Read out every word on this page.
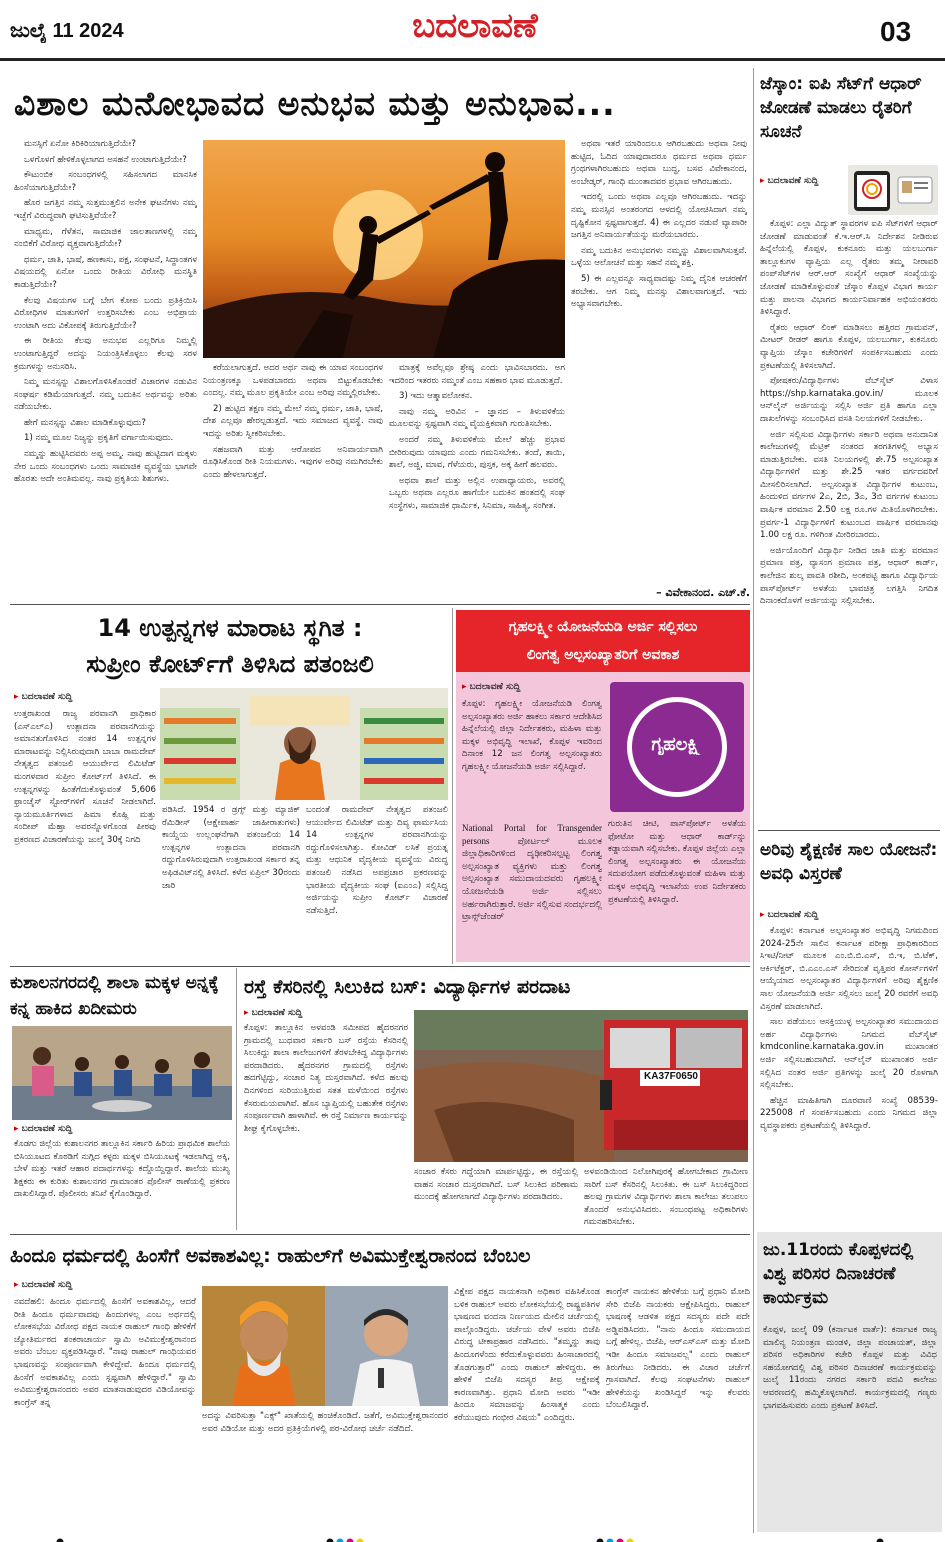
ಜುಲೈ 11 2024	ಬದಲಾವಣೆ	03
ವಿಶಾಲ ಮನೋಭಾವದ ಅನುಭವ ಮತ್ತು ಅನುಭಾವ...

ಮನಸ್ಸಿಗೆ ಏನೋ ಕಿರಿಕಿರಿಯಾಗುತ್ತಿದೆಯೇ?

ಒಳಗೊಳಗೆ ಹೇಳಿಕೊಳ್ಳಲಾಗದ ಅಸಹನೆ ಉಂಟಾಗುತ್ತಿದೆಯೇ?

ಕೌಟುಂಬಿಕ ಸಂಬಂಧಗಳಲ್ಲಿ ಸಹಿಸಲಾಗದ ಮಾನಸಿಕ ಹಿಂಸೆಯಾಗುತ್ತಿದೆಯೇ?

ಹೊರ ಜಗತ್ತಿನ ನಮ್ಮ ಸುತ್ತಮುತ್ತಲಿನ ಅನೇಕ ಘಟನೆಗಳು ನಮ್ಮ ಇಚ್ಛೆಗೆ ವಿರುದ್ಧವಾಗಿ ಘಟಿಸುತ್ತಿವೆಯೇ?

ಮಾಧ್ಯಮ, ಗೆಳೆತನ, ಸಾಮಾಜಿಕ ಜಾಲತಾಣಗಳಲ್ಲಿ ನಮ್ಮ ನಂಬಿಕೆಗೆ ವಿರೋಧ ವ್ಯಕ್ತವಾಗುತ್ತಿದೆಯೇ?

ಧರ್ಮ, ಜಾತಿ, ಭಾಷೆ, ಹಣಕಾಸು, ಪಕ್ಷ, ಸಂಘಟನೆ, ಸಿದ್ಧಾಂತಗಳ ವಿಷಯದಲ್ಲಿ ಏನೋ ಒಂದು ರೀತಿಯ ವಿರೋಧಿ ಮನಸ್ಥಿತಿ ಕಾಡುತ್ತಿದೆಯೇ?

ಕೆಲವು ವಿಷಯಗಳ ಬಗ್ಗೆ ಬೇಗ ಕೋಪ ಬಂದು ಪ್ರತಿಕ್ರಿಯಿಸಿ ವಿರೋಧಿಗಳ ಮಾತುಗಳಿಗೆ ಉತ್ತರಿಸಬೇಕು ಎಂಬ ಅಭಿಪ್ರಾಯ ಉಂಟಾಗಿ ಅದು ವಿಕೋಪಕ್ಕೆ ತಿರುಗುತ್ತಿದೆಯೇ?

ಈ ರೀತಿಯ ಕೆಲವು ಅನುಭವ ಎಲ್ಲರಿಗೂ ನಿಮ್ಮಲ್ಲಿ ಉಂಟಾಗುತ್ತಿದ್ದರೆ ಅದನ್ನು ನಿಯಂತ್ರಿಸಿಕೊಳ್ಳಲು ಕೆಲವು ಸರಳ ಕ್ರಮಗಳನ್ನು ಅನುಸರಿಸಿ.

ನಿಮ್ಮ ಮನಸ್ಸನ್ನು ವಿಶಾಲಗೊಳಿಸಿಕೊಂಡರೆ ವಿಚಾರಗಳ ನಡುವಿನ ಸಂಘರ್ಷ ಕಡಿಮೆಯಾಗುತ್ತದೆ. ನಮ್ಮ ಬದುಕಿನ ಅರ್ಥವನ್ನು ಅರಿತು ನಡೆಯಬೇಕು.

ಹೇಗೆ ಮನಸ್ಸನ್ನು ವಿಶಾಲ ಮಾಡಿಕೊಳ್ಳುವುದು?

1) ನಮ್ಮ ಮೂಲ ನಿಜ್ಯನ್ನು ಪ್ರಕೃತಿಗೆ ವರ್ಗಾಯಿಸುವುದು.

ನಮ್ಮನ್ನು ಹುಟ್ಟಿಸಿದವರು ಅಪ್ಪ ಅಮ್ಮ. ನಾವು ಹುಟ್ಟಿದಾಗ ಮಕ್ಕಳು ನೇರ ಒಂದು ಸಂಬಂಧಗಳು ಒಂದು ಸಾಮಾಜಿಕ ವ್ಯವಸ್ಥೆಯ ಭಾಗವೇ ಹೊರತು ಅದೇ ಅಂತಿಮವಲ್ಲ. ನಾವು ಪ್ರಕೃತಿಯ ಶಿಶುಗಳು.

ಕರೆಯಲಾಗುತ್ತದೆ. ಅದರ ಅರ್ಥ ನಾವು ಈ ಯಾವ ಸಂಬಂಧಗಳ ನಿಯಂತ್ರಣಕ್ಕೂ ಒಳಪಡಬಾರದು ಅಥವಾ ಬಿಟ್ಟುಕೊಡಬೇಕು ಎಂದಲ್ಲ. ನಮ್ಮ ಮೂಲ ಪ್ರಕೃತಿಯೇ ಎಂಬ ಅರಿವು ನಮ್ಮಲ್ಲಿರಬೇಕು.

2) ಹುಟ್ಟಿದ ತಕ್ಷಣ ನಮ್ಮ ಮೇಲೆ ನಮ್ಮ ಧರ್ಮ, ಜಾತಿ, ಭಾಷೆ, ದೇಶ ಎಲ್ಲವೂ ಹೇರಲ್ಪಡುತ್ತದೆ. ಇದು ಸಮಾಜದ ವ್ಯವಸ್ಥೆ. ನಾವು ಇದನ್ನು ಅರಿತು ಸ್ವೀಕರಿಸಬೇಕು.

ಸಹಜವಾಗಿ ಮತ್ತು ಆರೋಪದ ಅನಿವಾರ್ಯವಾಗಿ ರೂಢಿಸಿಕೊಂಡ ರೀತಿ ನಿಯಮಗಳು. ಇವುಗಳ ಅರಿವು ನಮಗಿರಬೇಕು ಎಂದು ಹೇಳಲಾಗುತ್ತದೆ.

ಮಾತ್ರಕ್ಕೆ ಅವೆಲ್ಲವೂ ಶ್ರೇಷ್ಠ ಎಂದು ಭಾವಿಸಬಾರದು. ಅಗ ಇದರಿಂದ ಇತರರು ನಮ್ಮಂತೆ ಎಂಬ ಸಹಕಾರ ಭಾವ ಮೂಡುತ್ತದೆ.

3) ಇದು ಆತ್ಮಾವಲೋಕನ.

ನಾವು ನಮ್ಮ ಅರಿವಿನ – ಜ್ಞಾನದ – ತಿಳುವಳಿಕೆಯ ಮೂಲವನ್ನು ಸ್ಪಷ್ಟವಾಗಿ ನಮ್ಮ ವೈಯಕ್ತಿಕವಾಗಿ ಗುರುತಿಸಬೇಕು.

ಅಂದರೆ ನಮ್ಮ ತಿಳುವಳಿಕೆಯ ಮೇಲೆ ಹೆಚ್ಚು ಪ್ರಭಾವ ಬೀರಿರುವುದು ಯಾವುದು ಎಂದು ಗಮನಿಸಬೇಕು. ತಂದೆ, ತಾಯಿ, ಶಾಲೆ, ಅಜ್ಜಿ, ಮಾವ, ಗೆಳೆಯರು, ಪುಸ್ತಕ, ಅಕ್ಕ ಹೀಗೆ ಹಲವರು.

ಅಥವಾ ಶಾಲೆ ಮತ್ತು ಅಲ್ಲಿನ ಉಪಾಧ್ಯಾಯರು, ಅವರಲ್ಲಿ ಒಬ್ಬರು ಅಥವಾ ಎಲ್ಲರೂ ಹಾಗೆಯೇ ಬದುಕಿನ ಹಂತದಲ್ಲಿ ಸಂಘ ಸಂಸ್ಥೆಗಳು, ಸಾಮಾಜಿಕ ಧಾರ್ಮಿಕ, ಸಿನಿಮಾ, ಸಾಹಿತ್ಯ, ಸಂಗೀತ.

ಅಥವಾ ಇತರೆ ಯಾರಿಂದಲೂ ಆಗಿರಬಹುದು ಅಥವಾ ನೀವು ಹುಟ್ಟಿದ, ಓದಿದ ಯಾವುದಾದರೂ ಧರ್ಮದ ಅಥವಾ ಧರ್ಮ ಗ್ರಂಥಗಳಾಗಿರಬಹುದು ಅಥವಾ ಬುದ್ಧ, ಬಸವ ವಿವೇಕಾನಂದ, ಅಂಬೇಡ್ಕರ್, ಗಾಂಧಿ ಮುಂತಾದವರ ಪ್ರಭಾವ ಆಗಿರಬಹುದು.

ಇದರಲ್ಲಿ ಒಂದು ಅಥವಾ ಎಲ್ಲವೂ ಆಗಿರಬಹುದು. ಇದನ್ನು ನಮ್ಮ ಮನಸ್ಸಿನ ಅಂತರಂಗದ ಆಳದಲ್ಲಿ ಯೋಚಿಸಿದಾಗ ನಮ್ಮ ದೃಷ್ಟಿಕೋನ ಸ್ಪಷ್ಟವಾಗುತ್ತದೆ. 4) ಈ ಎಲ್ಲದರ ನಡುವೆ ವ್ಯಾಪಾರೀ ಜಗತ್ತಿನ ಅನಿವಾರ್ಯತೆಯನ್ನು ಮರೆಯಬಾರದು.

ನಮ್ಮ ಬದುಕಿನ ಅನುಭವಗಳು ನಮ್ಮನ್ನು ವಿಶಾಲವಾಗಿಸುತ್ತವೆ. ಒಳ್ಳೆಯ ಆಲೋಚನೆ ಮತ್ತು ಸಹನೆ ನಮ್ಮ ಶಕ್ತಿ.

5) ಈ ಎಲ್ಲವನ್ನೂ ಸಾಧ್ಯವಾದಷ್ಟು ನಿಮ್ಮ ದೈನಿಕ ಆಚರಣೆಗೆ ತರಬೇಕು. ಆಗ ನಿಮ್ಮ ಮನಸ್ಸು ವಿಶಾಲವಾಗುತ್ತದೆ. ಇದು ಅಭ್ಯಾಸವಾಗಬೇಕು.

– ವಿವೇಕಾನಂದ. ಎಚ್.ಕೆ.
ಜೆಸ್ಕಾಂ: ಐಪಿ ಸೆಟ್‌ಗೆ ಆಧಾರ್ ಜೋಡಣೆ ಮಾಡಲು ರೈತರಿಗೆ ಸೂಚನೆ
▸ ಬದಲಾವಣೆ ಸುದ್ದಿ

ಕೊಪ್ಪಳ: ಎಲ್ಲಾ ವಿದ್ಯುತ್ ಸ್ಥಾವರಗಳ ಐಪಿ ಸೆಟ್‌ಗಳಿಗೆ ಆಧಾರ್ ಜೋಡಣೆ ಮಾಡುವಂತೆ ಕೆ.ಇ.ಆರ್.ಸಿ ನಿರ್ದೇಶನ ನೀಡಿರುವ ಹಿನ್ನೆಲೆಯಲ್ಲಿ ಕೊಪ್ಪಳ, ಕುಕನೂರು ಮತ್ತು ಯಲಬುರ್ಗಾ ತಾಲ್ಲೂಕುಗಳ ವ್ಯಾಪ್ತಿಯ ಎಲ್ಲ ರೈತರು ತಮ್ಮ ನೀರಾವರಿ ಪಂಪ್‌ಸೆಟ್‌ಗಳ ಆರ್.ಆರ್ ಸಂಖ್ಯೆಗೆ ಆಧಾರ್ ಸಂಖ್ಯೆಯನ್ನು ಜೋಡಣೆ ಮಾಡಿಕೊಳ್ಳುವಂತೆ ಜೆಸ್ಕಾಂ ಕೊಪ್ಪಳ ವಿಭಾಗ ಕಾರ್ಯ ಮತ್ತು ಪಾಲನಾ ವಿಭಾಗದ ಕಾರ್ಯನಿರ್ವಾಹಕ ಅಭಿಯಂತರರು ತಿಳಿಸಿದ್ದಾರೆ.

ರೈತರು ಆಧಾರ್ ಲಿಂಕ್ ಮಾಡಿಸಲು ಹತ್ತಿರದ ಗ್ರಾಮವನ್, ಮೀಟರ್ ರೀಡರ್ ಹಾಗೂ ಕೊಪ್ಪಳ, ಯಲಬುರ್ಗಾ, ಕುಕನೂರು ವ್ಯಾಪ್ತಿಯ ಜೆಸ್ಕಾಂ ಕಚೇರಿಗಳಿಗೆ ಸಂಪರ್ಕಿಸಬಹುದು ಎಂದು ಪ್ರಕಟಣೆಯಲ್ಲಿ ತಿಳಿಸಲಾಗಿದೆ.

ಪೋಷಕರು/ವಿದ್ಯಾರ್ಥಿಗಳು ವೆಬ್‌ಸೈಟ್ ವಿಳಾಸ https://shp.karnataka.gov.in/ ಮೂಲಕ ಆನ್‌ಲೈನ್ ಅರ್ಜಿಯನ್ನು ಸಲ್ಲಿಸಿ ಅರ್ಜಿ ಪ್ರತಿ ಹಾಗೂ ಎಲ್ಲಾ ದಾಖಲೆಗಳನ್ನು ಸಂಬಂಧಿಸಿದ ವಸತಿ ನಿಲಯಗಳಿಗೆ ನೀಡಬೇಕು.

ಅರ್ಜಿ ಸಲ್ಲಿಸುವ ವಿದ್ಯಾರ್ಥಿಗಳು ಸರ್ಕಾರಿ ಅಥವಾ ಅನುದಾನಿತ ಕಾಲೇಜುಗಳಲ್ಲಿ ಮೆಟ್ರಿಕ್ ನಂತರದ ತರಗತಿಗಳಲ್ಲಿ ಅಭ್ಯಾಸ ಮಾಡುತ್ತಿರಬೇಕು. ವಸತಿ ನಿಲಯಗಳಲ್ಲಿ ಶೇ.75 ಅಲ್ಪಸಂಖ್ಯಾತ ವಿದ್ಯಾರ್ಥಿಗಳಿಗೆ ಮತ್ತು ಶೇ.25 ಇತರ ವರ್ಗದವರಿಗೆ ಮೀಸಲಿರಿಸಲಾಗಿದೆ. ಅಲ್ಪಸಂಖ್ಯಾತ ವಿದ್ಯಾರ್ಥಿಗಳ ಕುಟುಂಬ, ಹಿಂದುಳಿದ ವರ್ಗಗಳ 2ಎ, 2ಬಿ, 3ಎ, 3ಬಿ ವರ್ಗಗಳ ಕುಟುಂಬ ವಾರ್ಷಿಕ ವರಮಾನ 2.50 ಲಕ್ಷ ರೂ.ಗಳ ಮಿತಿಯೊಳಗಿರಬೇಕು. ಪ್ರವರ್ಗ-1 ವಿದ್ಯಾರ್ಥಿಗಳಿಗೆ ಕುಟುಂಬದ ವಾರ್ಷಿಕ ವರಮಾನವು 1.00 ಲಕ್ಷ ರೂ. ಗಳಿಗಿಂತ ಮೀರಿರಬಾರದು.

ಅರ್ಜಿಯೊಂದಿಗೆ ವಿದ್ಯಾರ್ಥಿ ನೀಡಿದ ಜಾತಿ ಮತ್ತು ವರಮಾನ ಪ್ರಮಾಣ ಪತ್ರ, ವ್ಯಾಸಂಗ ಪ್ರಮಾಣ ಪತ್ರ, ಆಧಾರ್ ಕಾರ್ಡ್, ಕಾಲೇಜಿನ ಶುಲ್ಕ ಪಾವತಿ ರಶೀದಿ, ಅಂಕಪಟ್ಟಿ ಹಾಗೂ ವಿದ್ಯಾರ್ಥಿಯ ಪಾಸ್‌ಪೋರ್ಟ್ ಅಳತೆಯ ಭಾವಚಿತ್ರ ಲಗತ್ತಿಸಿ ನಿಗದಿತ ದಿನಾಂಕದೊಳಗೆ ಅರ್ಜಿಯನ್ನು ಸಲ್ಲಿಸಬೇಕು.

ಅರಿವು ಶೈಕ್ಷಣಿಕ ಸಾಲ ಯೋಜನೆ: ಅವಧಿ ವಿಸ್ತರಣೆ
▸ ಬದಲಾವಣೆ ಸುದ್ದಿ

ಕೊಪ್ಪಳ: ಕರ್ನಾಟಕ ಅಲ್ಪಸಂಖ್ಯಾತರ ಅಭಿವೃದ್ಧಿ ನಿಗಮದಿಂದ 2024-25ನೇ ಸಾಲಿನ ಕರ್ನಾಟಕ ಪರೀಕ್ಷಾ ಪ್ರಾಧಿಕಾರದಿಂದ ಸಿಇಟಿ/ನೀಟ್ ಮೂಲಕ ಎಂ.ಬಿ.ಬಿ.ಎಸ್, ಬಿ.ಇ, ಬಿ.ಟೆಕ್, ಆರ್ಕಿಟೆಕ್ಚರ್, ಬಿ.ಎಎಂ.ಎಸ್ ಸೇರಿದಂತೆ ವೃತ್ತಿಪರ ಕೋರ್ಸ್‌ಗಳಿಗೆ ಆಯ್ಕೆಯಾದ ಅಲ್ಪಸಂಖ್ಯಾತರ ವಿದ್ಯಾರ್ಥಿಗಳಿಗೆ ಅರಿವು ಶೈಕ್ಷಣಿಕ ಸಾಲ ಯೋಜನೆಯಡಿ ಅರ್ಜಿ ಸಲ್ಲಿಸಲು ಜುಲೈ 20 ರವರೆಗೆ ಅವಧಿ ವಿಸ್ತರಣೆ ಮಾಡಲಾಗಿದೆ.

ಸಾಲ ಪಡೆಯಲು ಆಸಕ್ತಿಯುಳ್ಳ ಅಲ್ಪಸಂಖ್ಯಾತರ ಸಮುದಾಯದ ಅರ್ಹ ವಿದ್ಯಾರ್ಥಿಗಳು ನಿಗಮದ ವೆಬ್‌ಸೈಟ್ kmdconline.karnataka.gov.in ಮುಖಾಂತರ ಅರ್ಜಿ ಸಲ್ಲಿಸಬಹುದಾಗಿದೆ. ಆನ್‌ಲೈನ್ ಮುಖಾಂತರ ಅರ್ಜಿ ಸಲ್ಲಿಸಿದ ನಂತರ ಅರ್ಜಿ ಪ್ರತಿಗಳನ್ನು ಜುಲೈ 20 ರೊಳಗಾಗಿ ಸಲ್ಲಿಸಬೇಕು.

ಹೆಚ್ಚಿನ ಮಾಹಿತಿಗಾಗಿ ದೂರವಾಣಿ ಸಂಖ್ಯೆ 08539-225008 ಗೆ ಸಂಪರ್ಕಿಸಬಹುದು ಎಂದು ನಿಗಮದ ಜಿಲ್ಲಾ ವ್ಯವಸ್ಥಾಪಕರು ಪ್ರಕಟಣೆಯಲ್ಲಿ ತಿಳಿಸಿದ್ದಾರೆ.

ಜು.11ರಂದು ಕೊಪ್ಪಳದಲ್ಲಿ ವಿಶ್ವ ಪರಿಸರ ದಿನಾಚರಣೆ ಕಾರ್ಯಕ್ರಮ
ಕೊಪ್ಪಳ, ಜುಲೈ 09 (ಕರ್ನಾಟಕ ವಾರ್ತೆ): ಕರ್ನಾಟಕ ರಾಜ್ಯ ಮಾಲಿನ್ಯ ನಿಯಂತ್ರಣ ಮಂಡಳಿ, ಜಿಲ್ಲಾ ಪಂಚಾಯತ್, ಜಿಲ್ಲಾ ಪರಿಸರ ಅಧಿಕಾರಿಗಳ ಕಚೇರಿ ಕೊಪ್ಪಳ ಮತ್ತು ವಿವಿಧ ಸಹಯೋಗದಲ್ಲಿ ವಿಶ್ವ ಪರಿಸರ ದಿನಾಚರಣೆ ಕಾರ್ಯಕ್ರಮವನ್ನು ಜುಲೈ 11ರಂದು ನಗರದ ಸರ್ಕಾರಿ ಪದವಿ ಕಾಲೇಜು ಆವರಣದಲ್ಲಿ ಹಮ್ಮಿಕೊಳ್ಳಲಾಗಿದೆ. ಕಾರ್ಯಕ್ರಮದಲ್ಲಿ ಗಣ್ಯರು ಭಾಗವಹಿಸುವರು ಎಂದು ಪ್ರಕಟಣೆ ತಿಳಿಸಿದೆ.
14 ಉತ್ಪನ್ನಗಳ ಮಾರಾಟ ಸ್ಥಗಿತ :
ಸುಪ್ರೀಂ ಕೋರ್ಟ್‌ಗೆ ತಿಳಿಸಿದ ಪತಂಜಲಿ
▸ ಬದಲಾವಣೆ ಸುದ್ದಿ
ಉತ್ತರಾಖಂಡ ರಾಜ್ಯ ಪರವಾನಗಿ ಪ್ರಾಧಿಕಾರ (ಎಸ್‌ಎಲ್‌ಎ) ಉತ್ಪಾದನಾ ಪರವಾನಗಿಯನ್ನು ಅಮಾನತುಗೊಳಿಸಿದ ನಂತರ 14 ಉತ್ಪನ್ನಗಳ ಮಾರಾಟವನ್ನು ನಿಲ್ಲಿಸಿರುವುದಾಗಿ ಬಾಬಾ ರಾಮದೇವ್ ನೇತೃತ್ವದ ಪತಂಜಲಿ ಆಯುರ್ವೇದ ಲಿಮಿಟೆಡ್ ಮಂಗಳವಾರ ಸುಪ್ರೀಂ ಕೋರ್ಟ್‌ಗೆ ತಿಳಿಸಿದೆ. ಈ ಉತ್ಪನ್ನಗಳನ್ನು ಹಿಂತೆಗೆದುಕೊಳ್ಳುವಂತೆ 5,606 ಫ್ರಾಂಚೈಸ್ ಸ್ಟೋರ್‌ಗಳಿಗೆ ಸೂಚನೆ ನೀಡಲಾಗಿದೆ. ನ್ಯಾಯಮೂರ್ತಿಗಳಾದ ಹಿಮಾ ಕೊಹ್ಲಿ ಮತ್ತು ಸಂದೀಪ್ ಮೆಹ್ತಾ ಅವರನ್ನೊಳಗೊಂಡ ಪೀಠವು ಪ್ರಕರಣದ ವಿಚಾರಣೆಯನ್ನು ಜುಲೈ 30ಕ್ಕೆ ನಿಗದಿ
ಪಡಿಸಿದೆ. 1954 ರ ಡ್ರಗ್ಸ್ ಮತ್ತು ಮ್ಯಾಜಿಕ್ ರೆಮಿಡೀಸ್ (ಆಕ್ಷೇಪಾರ್ಹ ಜಾಹೀರಾತುಗಳು) ಕಾಯ್ದೆಯ ಉಲ್ಲಂಘನೆಗಾಗಿ ಪತಂಜಲಿಯ 14 ಉತ್ಪನ್ನಗಳ ಉತ್ಪಾದನಾ ಪರವಾನಗಿ ರದ್ದುಗೊಳಿಸಿರುವುದಾಗಿ ಉತ್ತರಾಖಂಡ ಸರ್ಕಾರ ತನ್ನ ಅಫಿಡವಿಟ್‌ನಲ್ಲಿ ತಿಳಿಸಿದೆ. ಕಳೆದ ಏಪ್ರಿಲ್ 30ರಂದು ಜಾರಿ
ಬಂದಂತೆ ರಾಮದೇವ್ ನೇತೃತ್ವದ ಪತಂಜಲಿ ಆಯುರ್ವೇದ ಲಿಮಿಟೆಡ್ ಮತ್ತು ದಿವ್ಯ ಫಾರ್ಮಸಿಯ 14 ಉತ್ಪನ್ನಗಳ ಪರವಾನಗಿಯನ್ನು ರದ್ದುಗೊಳಿಸಲಾಗಿತ್ತು. ಕೋವಿಡ್ ಲಸಿಕೆ ಪ್ರಯತ್ನ ಮತ್ತು ಆಧುನಿಕ ವೈದ್ಯಕೀಯ ವ್ಯವಸ್ಥೆಯ ವಿರುದ್ಧ ಪತಂಜಲಿ ನಡೆಸಿದ ಅಪಪ್ರಚಾರ ಪ್ರಕರಣವನ್ನು ಭಾರತೀಯ ವೈದ್ಯಕೀಯ ಸಂಘ (ಐಎಂಎ) ಸಲ್ಲಿಸಿದ್ದ ಅರ್ಜಿಯನ್ನು ಸುಪ್ರೀಂ ಕೋರ್ಟ್ ವಿಚಾರಣೆ ನಡೆಸುತ್ತಿದೆ.
ಗೃಹಲಕ್ಷ್ಮೀ ಯೋಜನೆಯಡಿ ಅರ್ಜಿ ಸಲ್ಲಿಸಲು
ಲಿಂಗತ್ವ ಅಲ್ಪಸಂಖ್ಯಾತರಿಗೆ ಅವಕಾಶ
▸ ಬದಲಾವಣೆ ಸುದ್ದಿ
ಕೊಪ್ಪಳ: ಗೃಹಲಕ್ಷ್ಮೀ ಯೋಜನೆಯಡಿ ಲಿಂಗತ್ವ ಅಲ್ಪಸಂಖ್ಯಾತರು ಅರ್ಜಿ ಹಾಕಲು ಸರ್ಕಾರ ಆದೇಶಿಸಿದ ಹಿನ್ನೆಲೆಯಲ್ಲಿ ಜಿಲ್ಲಾ ನಿರ್ದೇಶಕರು, ಮಹಿಳಾ ಮತ್ತು ಮಕ್ಕಳ ಅಭಿವೃದ್ಧಿ ಇಲಾಖೆ, ಕೊಪ್ಪಳ ಇವರಿಂದ ದಿನಾಂಕ 12 ಜನ ಲಿಂಗತ್ವ ಅಲ್ಪಸಂಖ್ಯಾತರು ಗೃಹಲಕ್ಷ್ಮೀ ಯೋಜನೆಯಡಿ ಅರ್ಜಿ ಸಲ್ಲಿಸಿದ್ದಾರೆ.
ಗೃಹಲಕ್ಷ್ಮಿ
National Portal for Transgender persons ಪೋರ್ಟಲ್ ಮೂಲಕ ಜಿಲ್ಲಾಧಿಕಾರಿಗಳಿಂದ ದೃಢೀಕರಿಸಲ್ಪಟ್ಟ ಲಿಂಗತ್ವ ಅಲ್ಪಸಂಖ್ಯಾತ ವ್ಯಕ್ತಿಗಳು ಮತ್ತು ಲಿಂಗತ್ವ ಅಲ್ಪಸಂಖ್ಯಾತ ಸಮುದಾಯದವರು ಗೃಹಲಕ್ಷ್ಮೀ ಯೋಜನೆಯಡಿ ಅರ್ಜಿ ಸಲ್ಲಿಸಲು ಅರ್ಹರಾಗಿರುತ್ತಾರೆ. ಅರ್ಜಿ ಸಲ್ಲಿಸುವ ಸಂದರ್ಭದಲ್ಲಿ ಟ್ರಾನ್ಸ್‌ಜೆಂಡರ್
ಗುರುತಿನ ಚೀಟಿ, ಪಾಸ್‌ಪೋರ್ಟ್ ಅಳತೆಯ ಫೋಟೋ ಮತ್ತು ಆಧಾರ್ ಕಾರ್ಡ್‌ನ್ನು ಕಡ್ಡಾಯವಾಗಿ ಸಲ್ಲಿಸಬೇಕು. ಕೊಪ್ಪಳ ಜಿಲ್ಲೆಯ ಎಲ್ಲಾ ಲಿಂಗತ್ವ ಅಲ್ಪಸಂಖ್ಯಾತರು ಈ ಯೋಜನೆಯ ಸದುಪಯೋಗ ಪಡೆದುಕೊಳ್ಳುವಂತೆ ಮಹಿಳಾ ಮತ್ತು ಮಕ್ಕಳ ಅಭಿವೃದ್ಧಿ ಇಲಾಖೆಯ ಉಪ ನಿರ್ದೇಶಕರು ಪ್ರಕಟಣೆಯಲ್ಲಿ ತಿಳಿಸಿದ್ದಾರೆ.
ಕುಶಾಲನಗರದಲ್ಲಿ ಶಾಲಾ ಮಕ್ಕಳ ಅನ್ನಕ್ಕೆ ಕನ್ನ ಹಾಕಿದ ಖದೀಮರು
▸ ಬದಲಾವಣೆ ಸುದ್ದಿ
ಕೊಡಗು ಜಿಲ್ಲೆಯ ಕುಶಾಲನಗರ ತಾಲ್ಲೂಕಿನ ಸರ್ಕಾರಿ ಹಿರಿಯ ಪ್ರಾಥಮಿಕ ಶಾಲೆಯ ಬಿಸಿಯೂಟದ ಕೊಠಡಿಗೆ ನುಗ್ಗಿದ ಕಳ್ಳರು ಮಕ್ಕಳ ಬಿಸಿಯೂಟಕ್ಕೆ ಇಡಲಾಗಿದ್ದ ಅಕ್ಕಿ, ಬೇಳೆ ಮತ್ತು ಇತರೆ ಆಹಾರ ಪದಾರ್ಥಗಳನ್ನು ಕದ್ದೊಯ್ದಿದ್ದಾರೆ. ಶಾಲೆಯ ಮುಖ್ಯ ಶಿಕ್ಷಕರು ಈ ಕುರಿತು ಕುಶಾಲನಗರ ಗ್ರಾಮಾಂತರ ಪೊಲೀಸ್ ಠಾಣೆಯಲ್ಲಿ ಪ್ರಕರಣ ದಾಖಲಿಸಿದ್ದಾರೆ. ಪೊಲೀಸರು ತನಿಖೆ ಕೈಗೊಂಡಿದ್ದಾರೆ.
ರಸ್ತೆ ಕೆಸರಿನಲ್ಲಿ ಸಿಲುಕಿದ ಬಸ್: ವಿದ್ಯಾರ್ಥಿಗಳ ಪರದಾಟ
▸ ಬದಲಾವಣೆ ಸುದ್ದಿ
ಕೊಪ್ಪಳ: ತಾಲ್ಲೂಕಿನ ಅಳವಂಡಿ ಸಮೀಪದ ಹೈದರನಗರ ಗ್ರಾಮದಲ್ಲಿ ಬುಧವಾರ ಸರ್ಕಾರಿ ಬಸ್ ರಸ್ತೆಯ ಕೆಸರಿನಲ್ಲಿ ಸಿಲುಕಿದ್ದು ಶಾಲಾ ಕಾಲೇಜುಗಳಿಗೆ ತೆರಳಬೇಕಿದ್ದ ವಿದ್ಯಾರ್ಥಿಗಳು ಪರದಾಡಿದರು. ಹೈದರನಗರ ಗ್ರಾಮದಲ್ಲಿ ರಸ್ತೆಗಳು ಹದಗೆಟ್ಟಿದ್ದು, ಸಂಚಾರ ನಿತ್ಯ ದುಸ್ತರವಾಗಿದೆ. ಕಳೆದ ಹಲವು ದಿನಗಳಿಂದ ಸುರಿಯುತ್ತಿರುವ ಸತತ ಮಳೆಯಿಂದ ರಸ್ತೆಗಳು ಕೆಸರುಮಯವಾಗಿವೆ. ಹೊಸ ಬ್ಯಾಪ್ತಿಯಲ್ಲಿ ಬಹುತೇಕ ರಸ್ತೆಗಳು ಸಂಪೂರ್ಣವಾಗಿ ಹಾಳಾಗಿವೆ. ಈ ರಸ್ತೆ ನಿರ್ಮಾಣ ಕಾರ್ಯವನ್ನು ಶೀಘ್ರ ಕೈಗೊಳ್ಳಬೇಕು.
KA37F0650
ಸಂಚಾರ ಕೆಸರು ಗದ್ದೆಯಾಗಿ ಮಾರ್ಪಟ್ಟಿದ್ದು, ಈ ರಸ್ತೆಯಲ್ಲಿ ವಾಹನ ಸಂಚಾರ ದುಸ್ತರವಾಗಿದೆ. ಬಸ್ ಸಿಲುಕಿದ ಪರಿಣಾಮ ಮುಂದಕ್ಕೆ ಹೋಗಲಾಗದೆ ವಿದ್ಯಾರ್ಥಿಗಳು ಪರದಾಡಿದರು.
ಅಳವಂಡಿಯಿಂದ ನಿಲೋಗಿಪುರಕ್ಕೆ ಹೋಗಬೇಕಾದ ಗ್ರಾಮೀಣ ಸಾರಿಗೆ ಬಸ್ ಕೆಸರಿನಲ್ಲಿ ಸಿಲುಕಿತು. ಈ ಬಸ್ ಸಿಲುಕಿದ್ದರಿಂದ ಹಲವು ಗ್ರಾಮಗಳ ವಿದ್ಯಾರ್ಥಿಗಳು ಶಾಲಾ ಕಾಲೇಜು ತಲುಪಲು ತೊಂದರೆ ಅನುಭವಿಸಿದರು. ಸಂಬಂಧಪಟ್ಟ ಅಧಿಕಾರಿಗಳು ಗಮನಹರಿಸಬೇಕು.
ಹಿಂದೂ ಧರ್ಮದಲ್ಲಿ ಹಿಂಸೆಗೆ ಅವಕಾಶವಿಲ್ಲ: ರಾಹುಲ್‌ಗೆ ಅವಿಮುಕ್ತೇಶ್ವರಾನಂದ ಬೆಂಬಲ
▸ ಬದಲಾವಣೆ ಸುದ್ದಿ
ನವದೆಹಲಿ: ಹಿಂದೂ ಧರ್ಮದಲ್ಲಿ ಹಿಂಸೆಗೆ ಅವಕಾಶವಿಲ್ಲ, ಆದರೆ ರೀತಿ ಹಿಂದೂ ಧರ್ಮವಾದವು ಹಿಂದುಗಳಲ್ಲ ಎಂಬ ಅರ್ಥದಲ್ಲಿ ಲೋಕಸಭೆಯ ವಿರೋಧ ಪಕ್ಷದ ನಾಯಕ ರಾಹುಲ್ ಗಾಂಧಿ ಹೇಳಿಕೆಗೆ ಜ್ಯೋತಿರ್ಮಠದ ಶಂಕರಾಚಾರ್ಯ ಸ್ವಾಮಿ ಅವಿಮುಕ್ತೇಶ್ವರಾನಂದ ಅವರು ಬೆಂಬಲ ವ್ಯಕ್ತಪಡಿಸಿದ್ದಾರೆ. "ನಾವು ರಾಹುಲ್ ಗಾಂಧಿಯವರ ಭಾಷಣವನ್ನು ಸಂಪೂರ್ಣವಾಗಿ ಕೇಳಿದ್ದೇವೆ. ಹಿಂದೂ ಧರ್ಮದಲ್ಲಿ ಹಿಂಸೆಗೆ ಅವಕಾಶವಿಲ್ಲ ಎಂದು ಸ್ಪಷ್ಟವಾಗಿ ಹೇಳಿದ್ದಾರೆ." ಸ್ವಾಮಿ ಅವಿಮುಕ್ತೇಶ್ವರಾನಂದರು ಅವರ ಮಾತನಾಡುವುದರ ವಿಡಿಯೋವನ್ನು ಕಾಂಗ್ರೆಸ್ ತನ್ನ
ಅದನ್ನು ವಿವರಿಸುತ್ತಾ "ಎಕ್ಸ್" ಖಾತೆಯಲ್ಲಿ ಹಂಚಿಕೊಂಡಿದೆ. ಜತೆಗೆ, ಅವಿಮುಕ್ತೇಶ್ವರಾನಂದರ ಅವರ ವಿಡಿಯೋ ಮತ್ತು ಅದರ ಪ್ರತಿಕ್ರಿಯೆಗಳಲ್ಲಿ ಪರ-ವಿರೋಧ ಚರ್ಚೆ ನಡೆದಿದೆ.
ವಿಕ್ಷೇಪ ಪಕ್ಷದ ನಾಯಕನಾಗಿ ಅಧಿಕಾರ ವಹಿಸಿಕೊಂಡ ಬಳಿಕ ರಾಹುಲ್ ಅವರು ಲೋಕಸಭೆಯಲ್ಲಿ ರಾಷ್ಟ್ರಪತಿಗಳ ಭಾಷಣದ ವಂದನಾ ನಿರ್ಣಯದ ಮೇಲಿನ ಚರ್ಚೆಯಲ್ಲಿ ಪಾಲ್ಗೊಂಡಿದ್ದರು. ಚರ್ಚೆಯ ವೇಳೆ ಅವರು ಬಿಜೆಪಿ ವಿರುದ್ಧ ಟೀಕಾಪ್ರಹಾರ ನಡೆಸಿದರು. "ತಮ್ಮನ್ನು ತಾವು ಹಿಂದೂಗಳೆಂದು ಕರೆದುಕೊಳ್ಳುವವರು ಹಿಂಸಾಚಾರದಲ್ಲಿ ತೊಡಗುತ್ತಾರೆ" ಎಂದು ರಾಹುಲ್ ಹೇಳಿದ್ದರು. ಈ ಹೇಳಿಕೆ ಬಿಜೆಪಿ ಸದಸ್ಯರ ತೀವ್ರ ಆಕ್ಷೇಪಕ್ಕೆ ಕಾರಣವಾಗಿತ್ತು. ಪ್ರಧಾನಿ ಮೋದಿ ಅವರು "ಇಡೀ ಹಿಂದೂ ಸಮಾಜವನ್ನು ಹಿಂಸಾತ್ಮಕ ಎಂದು ಕರೆಯುವುದು ಗಂಭೀರ ವಿಷಯ" ಎಂದಿದ್ದರು.
ಕಾಂಗ್ರೆಸ್ ನಾಯಕನ ಹೇಳಿಕೆಯ ಬಗ್ಗೆ ಪ್ರಧಾನಿ ಮೋದಿ ಸೇರಿ ಬಿಜೆಪಿ ನಾಯಕರು ಆಕ್ಷೇಪಿಸಿದ್ದರು. ರಾಹುಲ್ ಭಾಷಣಕ್ಕೆ ಆಡಳಿತ ಪಕ್ಷದ ಸದಸ್ಯರು ಪದೇ ಪದೇ ಅಡ್ಡಿಪಡಿಸಿದರು. "ನಾನು ಹಿಂದೂ ಸಮುದಾಯದ ಬಗ್ಗೆ ಹೇಳಿಲ್ಲ. ಬಿಜೆಪಿ, ಆರ್‌ಎಸ್‌ಎಸ್ ಮತ್ತು ಮೋದಿ ಇಡೀ ಹಿಂದೂ ಸಮಾಜವಲ್ಲ" ಎಂದು ರಾಹುಲ್ ತಿರುಗೇಟು ನೀಡಿದರು. ಈ ವಿಚಾರ ಚರ್ಚೆಗೆ ಗ್ರಾಸವಾಗಿದೆ. ಕೆಲವು ಸಂಘಟನೆಗಳು ರಾಹುಲ್ ಹೇಳಿಕೆಯನ್ನು ಖಂಡಿಸಿದ್ದರೆ ಇನ್ನು ಕೆಲವರು ಬೆಂಬಲಿಸಿದ್ದಾರೆ.
